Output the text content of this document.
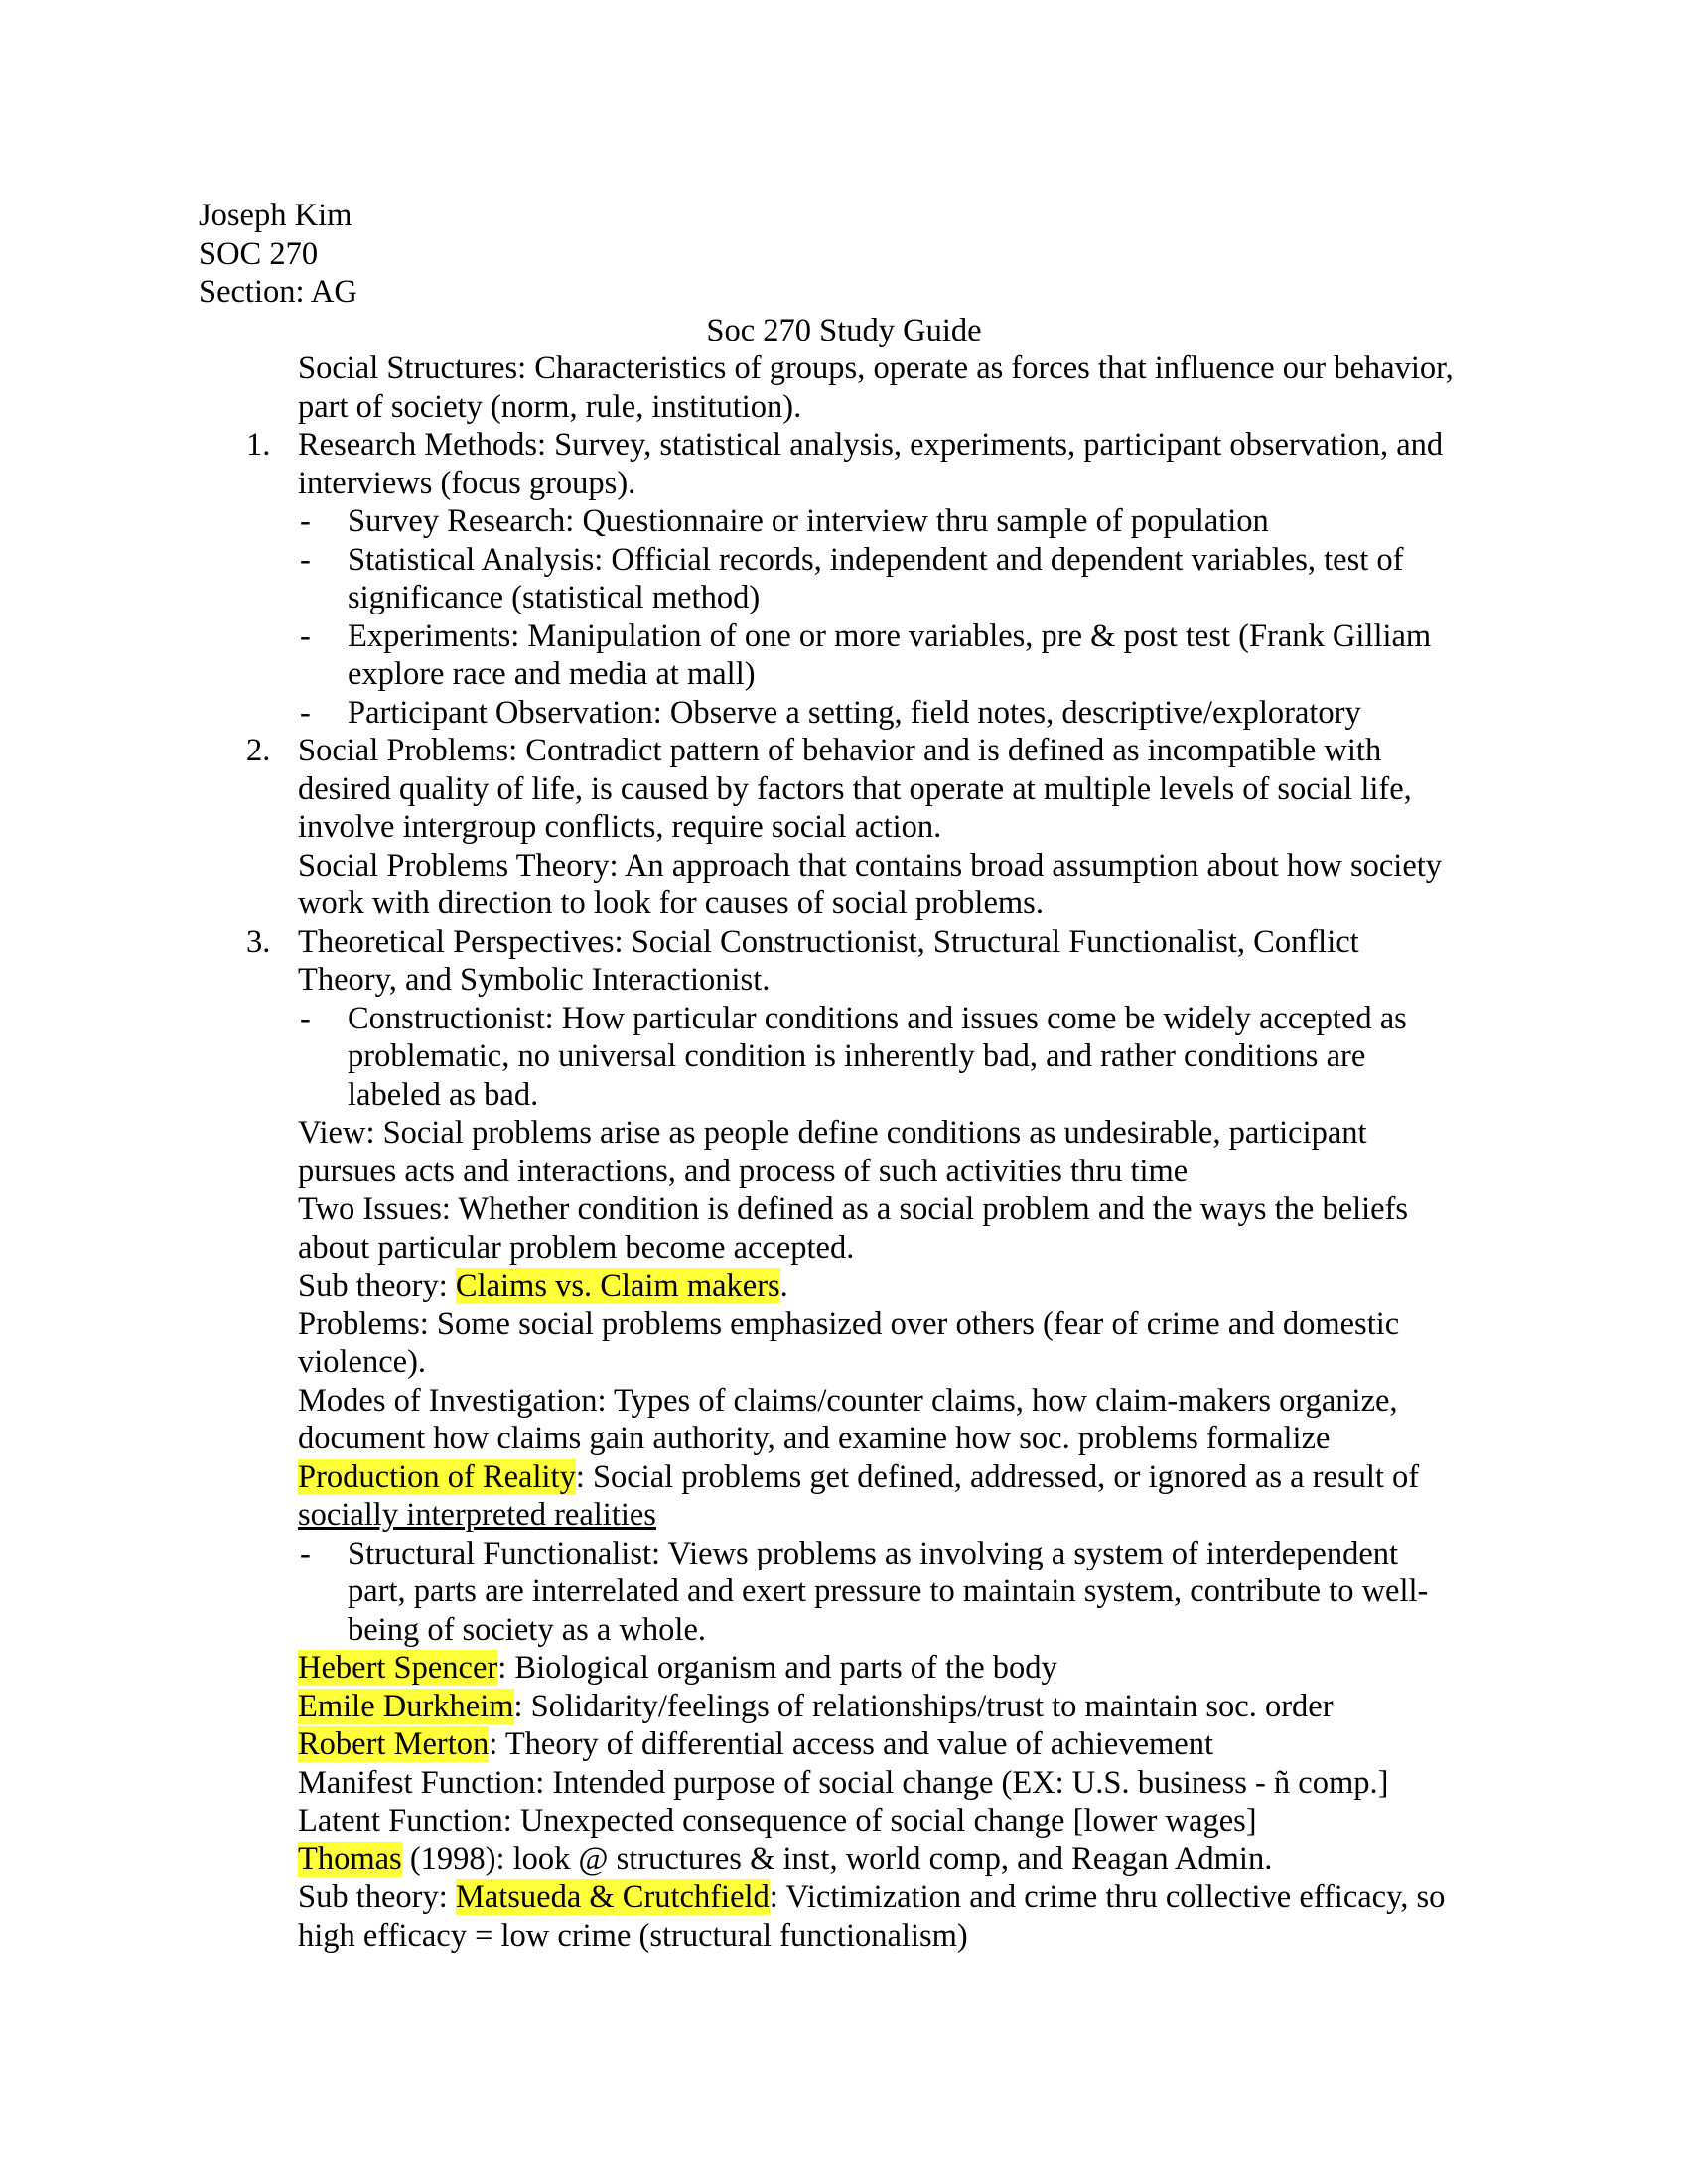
Joseph Kim
SOC 270
Section: AG
Soc 270 Study Guide
Social Structures: Characteristics of groups, operate as forces that influence our behavior,
part of society (norm, rule, institution).
1. Research Methods: Survey, statistical analysis, experiments, participant observation, and
interviews (focus groups).
- Survey Research: Questionnaire or interview thru sample of population
- Statistical Analysis: Official records, independent and dependent variables, test of
significance (statistical method)
- Experiments: Manipulation of one or more variables, pre & post test (Frank Gilliam
explore race and media at mall)
- Participant Observation: Observe a setting, field notes, descriptive/exploratory
2. Social Problems: Contradict pattern of behavior and is defined as incompatible with
desired quality of life, is caused by factors that operate at multiple levels of social life,
involve intergroup conflicts, require social action.
Social Problems Theory: An approach that contains broad assumption about how society
work with direction to look for causes of social problems.
3. Theoretical Perspectives: Social Constructionist, Structural Functionalist, Conflict
Theory, and Symbolic Interactionist.
- Constructionist: How particular conditions and issues come be widely accepted as
problematic, no universal condition is inherently bad, and rather conditions are
labeled as bad.
View: Social problems arise as people define conditions as undesirable, participant
pursues acts and interactions, and process of such activities thru time
Two Issues: Whether condition is defined as a social problem and the ways the beliefs
about particular problem become accepted.
Sub theory: Claims vs. Claim makers.
Problems: Some social problems emphasized over others (fear of crime and domestic
violence).
Modes of Investigation: Types of claims/counter claims, how claim-makers organize,
document how claims gain authority, and examine how soc. problems formalize
Production of Reality: Social problems get defined, addressed, or ignored as a result of
socially interpreted realities
- Structural Functionalist: Views problems as involving a system of interdependent
part, parts are interrelated and exert pressure to maintain system, contribute to well-
being of society as a whole.
Hebert Spencer: Biological organism and parts of the body
Emile Durkheim: Solidarity/feelings of relationships/trust to maintain soc. order
Robert Merton: Theory of differential access and value of achievement
Manifest Function: Intended purpose of social change (EX: U.S. business - ñ comp.]
Latent Function: Unexpected consequence of social change [lower wages]
Thomas (1998): look @ structures & inst, world comp, and Reagan Admin.
Sub theory: Matsueda & Crutchfield: Victimization and crime thru collective efficacy, so
high efficacy = low crime (structural functionalism)
